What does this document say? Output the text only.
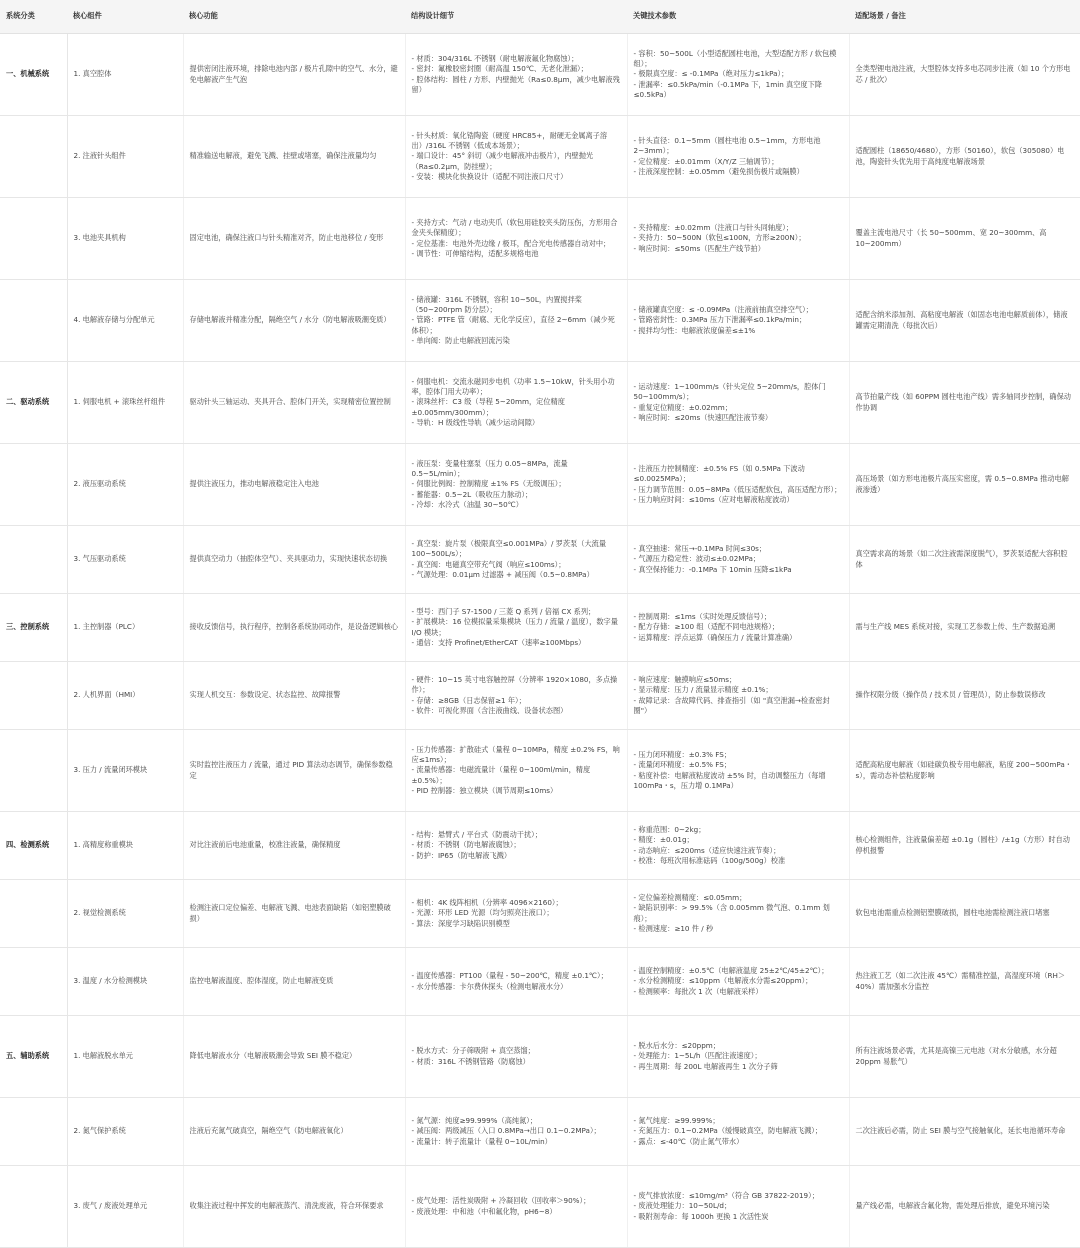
系统分类	核心组件	核心功能	结构设计细节	关键技术参数	适配场景 / 备注
一、机械系统	1. 真空腔体	提供密闭注液环境，排除电池内部 / 极片孔隙中的空气、水分，避免电解液产生气泡	- 材质：304/316L 不锈钢（耐电解液氟化物腐蚀）；
- 密封：氟橡胶密封圈（耐高温 150℃、无老化泄漏）；
- 腔体结构：圆柱 / 方形、内壁抛光（Ra≤0.8μm，减少电解液残留）	- 容积：50~500L（小型适配圆柱电池，大型适配方形 / 软包模组）；
- 极限真空度：≤ -0.1MPa（绝对压力≤1kPa）；
- 泄漏率：≤0.5kPa/min（-0.1MPa 下，1min 真空度下降≤0.5kPa）	全类型锂电池注液，大型腔体支持多电芯同步注液（如 10 个方形电芯 / 批次）
	2. 注液针头组件	精准输送电解液，避免飞溅、挂壁或堵塞，确保注液量均匀	- 针头材质：氧化锆陶瓷（硬度 HRC85+，耐硬无金属离子溶出）/316L 不锈钢（低成本场景）；
- 端口设计：45° 斜切（减少电解液冲击极片），内壁抛光（Ra≤0.2μm，防挂壁）；
- 安装：模块化快换设计（适配不同注液口尺寸）	- 针头直径：0.1~5mm（圆柱电池 0.5~1mm，方形电池 2~3mm）；
- 定位精度：±0.01mm（X/Y/Z 三轴调节）；
- 注液深度控制：±0.05mm（避免损伤极片或隔膜）	适配圆柱（18650/4680），方形（50160），软包（305080）电池，陶瓷针头优先用于高纯度电解液场景
	3. 电池夹具机构	固定电池，确保注液口与针头精准对齐，防止电池移位 / 变形	- 夹持方式：气动 / 电动夹爪（软包用硅胶夹头防压伤，方形用合金夹头保精度）；
- 定位基准：电池外壳边缘 / 极耳，配合光电传感器自动对中；
- 调节性：可伸缩结构，适配多规格电池	- 夹持精度：±0.02mm（注液口与针头同轴度）；
- 夹持力：50~500N（软包≤100N，方形≥200N）；
- 响应时间：≤50ms（匹配生产线节拍）	覆盖主流电池尺寸（长 50~500mm、宽 20~300mm、高 10~200mm）
	4. 电解液存储与分配单元	存储电解液并精准分配，隔绝空气 / 水分（防电解液吸潮变质）	- 储液罐：316L 不锈钢，容积 10~50L，内置搅拌桨（50~200rpm 防分层）；
- 管路：PTFE 管（耐腐、无化学反应），直径 2~6mm（减少死体积）；
- 单向阀：防止电解液回流污染	- 储液罐真空度：≤ -0.09MPa（注液前抽真空排空气）；
- 管路密封性：0.3MPa 压力下泄漏率≤0.1kPa/min；
- 搅拌均匀性：电解液浓度偏差≤±1%	适配含纳米添加剂、高粘度电解液（如固态电池电解质前体），储液罐需定期清洗（每批次后）
二、驱动系统	1. 伺服电机 + 滚珠丝杆组件	驱动针头三轴运动、夹具开合、腔体门开关，实现精密位置控制	- 伺服电机：交流永磁同步电机（功率 1.5~10kW，针头用小功率，腔体门用大功率）；
- 滚珠丝杆：C3 级（导程 5~20mm，定位精度±0.005mm/300mm）；
- 导轨：H 级线性导轨（减少运动间隙）	- 运动速度：1~100mm/s（针头定位 5~20mm/s，腔体门 50~100mm/s）；
- 重复定位精度：±0.02mm；
- 响应时间：≤20ms（快速匹配注液节奏）	高节拍量产线（如 60PPM 圆柱电池产线）需多轴同步控制，确保动作协调
	2. 液压驱动系统	提供注液压力，推动电解液稳定注入电池	- 液压泵：变量柱塞泵（压力 0.05~8MPa，流量 0.5~5L/min）；
- 伺服比例阀：控制精度 ±1% FS（无级调压）；
- 蓄能器：0.5~2L（吸收压力脉动）；
- 冷却：水冷式（油温 30~50℃）	- 注液压力控制精度：±0.5% FS（如 0.5MPa 下波动≤0.0025MPa）；
- 压力调节范围：0.05~8MPa（低压适配软包，高压适配方形）；
- 压力响应时间：≤10ms（应对电解液粘度波动）	高压场景（如方形电池极片高压实密度，需 0.5~0.8MPa 推动电解液渗透）
	3. 气压驱动系统	提供真空动力（抽腔体空气）、夹具驱动力，实现快速状态切换	- 真空泵：旋片泵（极限真空≤0.001MPa）/ 罗茨泵（大流量 100~500L/s）；
- 真空阀：电磁真空带充气阀（响应≤100ms）；
- 气源处理：0.01μm 过滤器 + 减压阀（0.5~0.8MPa）	- 真空抽速：常压→-0.1MPa 时间≤30s；
- 气源压力稳定性：波动≤±0.02MPa；
- 真空保持能力：-0.1MPa 下 10min 压降≤1kPa	真空需求高的场景（如二次注液需深度脱气），罗茨泵适配大容积腔体
三、控制系统	1. 主控制器（PLC）	接收反馈信号，执行程序，控制各系统协同动作，是设备逻辑核心	- 型号：西门子 S7-1500 / 三菱 Q 系列 / 倍福 CX 系列；
- 扩展模块：16 位模拟量采集模块（压力 / 流量 / 温度），数字量 I/O 模块；
- 通信：支持 Profinet/EtherCAT（速率≥100Mbps）	- 控制周期：≤1ms（实时处理反馈信号）；
- 配方存储：≥100 组（适配不同电池规格）；
- 运算精度：浮点运算（确保压力 / 流量计算准确）	需与生产线 MES 系统对接，实现工艺参数上传、生产数据追溯
	2. 人机界面（HMI）	实现人机交互：参数设定、状态监控、故障报警	- 硬件：10~15 英寸电容触控屏（分辨率 1920×1080，多点操作）；
- 存储：≥8GB（日志保留≥1 年）；
- 软件：可视化界面（含注液曲线、设备状态图）	- 响应速度：触摸响应≤50ms；
- 显示精度：压力 / 流量显示精度 ±0.1%；
- 故障记录：含故障代码、排查指引（如 "真空泄漏→检查密封圈"）	操作权限分级（操作员 / 技术员 / 管理员），防止参数误修改
	3. 压力 / 流量闭环模块	实时监控注液压力 / 流量，通过 PID 算法动态调节，确保参数稳定	- 压力传感器：扩散硅式（量程 0~10MPa，精度 ±0.2% FS，响应≤1ms）；
- 流量传感器：电磁流量计（量程 0~100ml/min，精度 ±0.5%）；
- PID 控制器：独立模块（调节周期≤10ms）	- 压力闭环精度：±0.3% FS；
- 流量闭环精度：±0.5% FS；
- 粘度补偿：电解液粘度波动 ±5% 时，自动调整压力（每增 100mPa・s，压力增 0.1MPa）	适配高粘度电解液（如硅碳负极专用电解液，粘度 200~500mPa・s），需动态补偿粘度影响
四、检测系统	1. 高精度称重模块	对比注液前后电池重量，校准注液量，确保精度	- 结构：悬臂式 / 平台式（防震动干扰）；
- 材质：不锈钢（防电解液腐蚀）；
- 防护：IP65（防电解液飞溅）	- 称重范围：0~2kg；
- 精度：±0.01g；
- 动态响应：≤200ms（适应快速注液节奏）；
- 校准：每班次用标准砝码（100g/500g）校准	核心检测组件，注液量偏差超 ±0.1g（圆柱）/±1g（方形）时自动停机报警
	2. 视觉检测系统	检测注液口定位偏差、电解液飞溅、电池表面缺陷（如铝塑膜破损）	- 相机：4K 线阵相机（分辨率 4096×2160）；
- 光源：环形 LED 光源（均匀照亮注液口）；
- 算法：深度学习缺陷识别模型	- 定位偏差检测精度：≤0.05mm；
- 缺陷识别率：> 99.5%（含 0.005mm 微气泡、0.1mm 划痕）；
- 检测速度：≥10 件 / 秒	软包电池需重点检测铝塑膜破损，圆柱电池需检测注液口堵塞
	3. 温度 / 水分检测模块	监控电解液温度、腔体湿度，防止电解液变质	- 温度传感器：PT100（量程 - 50~200℃，精度 ±0.1℃）；
- 水分传感器：卡尔费休探头（检测电解液水分）	- 温度控制精度：±0.5℃（电解液温度 25±2℃/45±2℃）；
- 水分检测精度：≤10ppm（电解液水分需≤20ppm）；
- 检测频率：每批次 1 次（电解液采样）	热注液工艺（如二次注液 45℃）需精准控温，高湿度环境（RH＞40%）需加强水分监控
五、辅助系统	1. 电解液脱水单元	降低电解液水分（电解液吸潮会导致 SEI 膜不稳定）	- 脱水方式：分子筛吸附 + 真空蒸馏；
- 材质：316L 不锈钢管路（防腐蚀）	- 脱水后水分：≤20ppm；
- 处理能力：1~5L/h（匹配注液速度）；
- 再生周期：每 200L 电解液再生 1 次分子筛	所有注液场景必需，尤其是高镍三元电池（对水分敏感，水分超 20ppm 易胀气）
	2. 氮气保护系统	注液后充氮气破真空，隔绝空气（防电解液氧化）	- 氮气源：纯度≥99.999%（高纯氮）；
- 减压阀：两级减压（入口 0.8MPa→出口 0.1~0.2MPa）；
- 流量计：转子流量计（量程 0~10L/min）	- 氮气纯度：≥99.999%；
- 充氮压力：0.1~0.2MPa（缓慢破真空，防电解液飞溅）；
- 露点：≤-40℃（防止氮气带水）	二次注液后必需，防止 SEI 膜与空气接触氧化，延长电池循环寿命
	3. 废气 / 废液处理单元	收集注液过程中挥发的电解液蒸汽、清洗废液，符合环保要求	- 废气处理：活性炭吸附 + 冷凝回收（回收率＞90%）；
- 废液处理：中和池（中和氟化物，pH6~8）	- 废气排放浓度：≤10mg/m³（符合 GB 37822-2019）；
- 废液处理能力：10~50L/d；
- 吸附剂寿命：每 1000h 更换 1 次活性炭	量产线必需，电解液含氟化物，需处理后排放，避免环境污染
